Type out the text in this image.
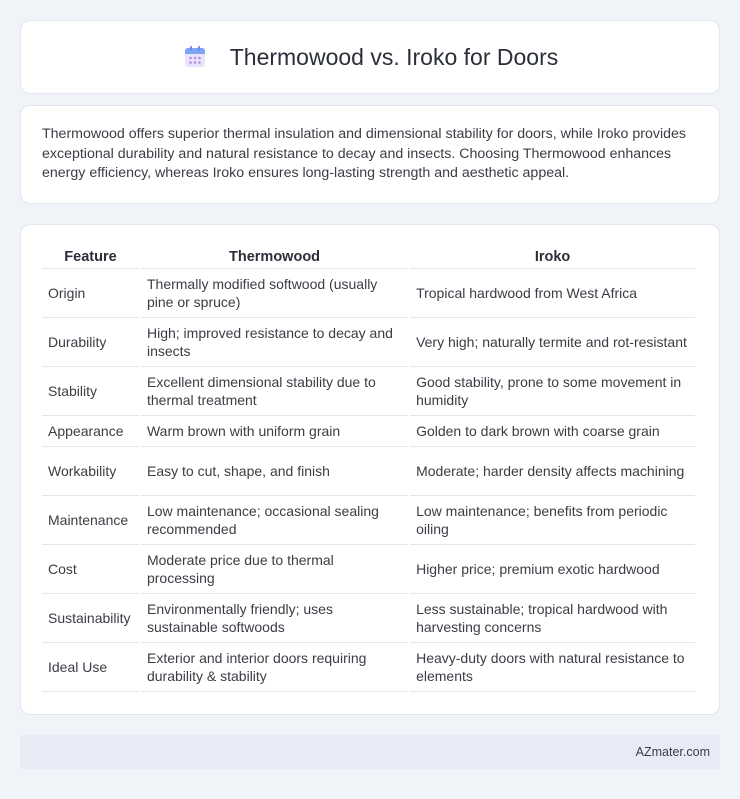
Thermowood vs. Iroko for Doors

Thermowood offers superior thermal insulation and dimensional stability for doors, while Iroko provides exceptional durability and natural resistance to decay and insects. Choosing Thermowood enhances energy efficiency, whereas Iroko ensures long-lasting strength and aesthetic appeal.

Feature	Thermowood	Iroko
Origin	Thermally modified softwood (usually pine or spruce)	Tropical hardwood from West Africa
Durability	High; improved resistance to decay and insects	Very high; naturally termite and rot-resistant
Stability	Excellent dimensional stability due to thermal treatment	Good stability, prone to some movement in humidity
Appearance	Warm brown with uniform grain	Golden to dark brown with coarse grain
Workability	Easy to cut, shape, and finish	Moderate; harder density affects machining
Maintenance	Low maintenance; occasional sealing recommended	Low maintenance; benefits from periodic oiling
Cost	Moderate price due to thermal processing	Higher price; premium exotic hardwood
Sustainability	Environmentally friendly; uses sustainable softwoods	Less sustainable; tropical hardwood with harvesting concerns
Ideal Use	Exterior and interior doors requiring durability & stability	Heavy-duty doors with natural resistance to elements
AZmater.com
